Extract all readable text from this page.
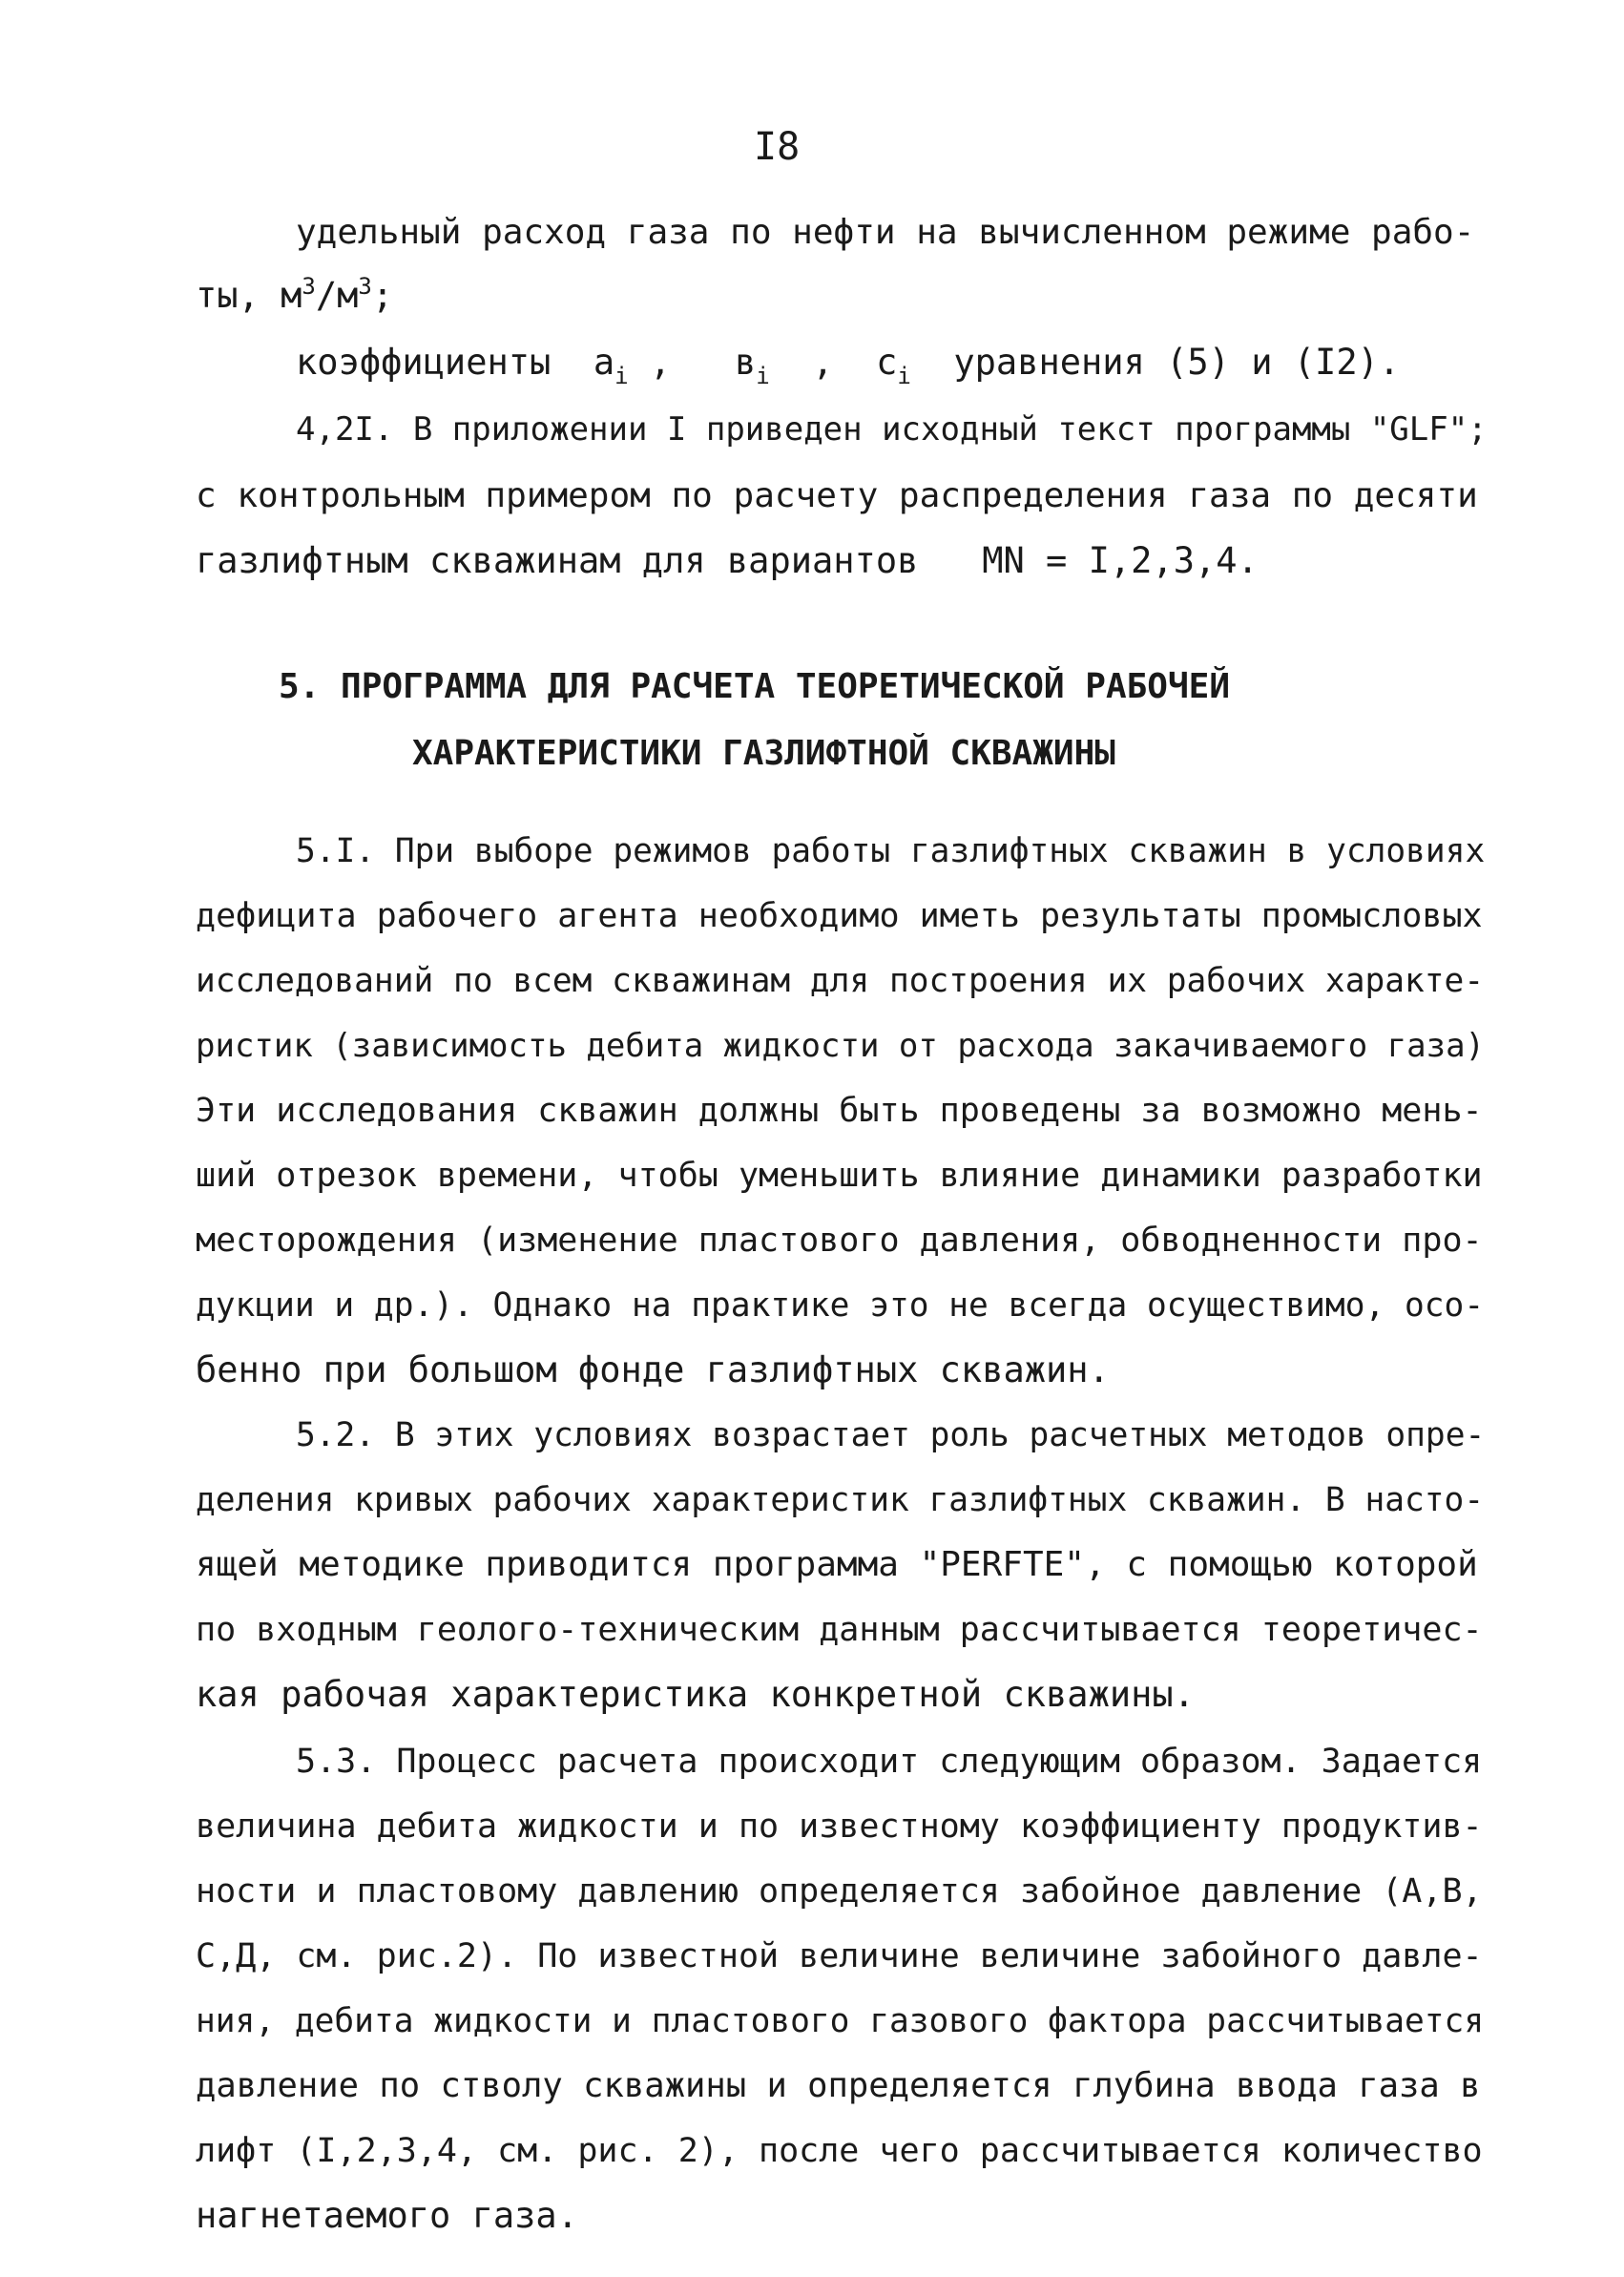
I8
удельный расход газа по нефти на вычисленном режиме рабо-
ты, $м^3/м^3$;
коэффициенты  $a_i$ ,   $в_i$  ,  $c_i$  уравнения (5) и (I2).
4,2I. В приложении I приведен исходный текст программы "GLF";
с контрольным примером по расчету распределения газа по десяти
газлифтным скважинам для вариантов   MN = I,2,3,4.
5. ПРОГРАММА ДЛЯ РАСЧЕТА ТЕОРЕТИЧЕСКОЙ РАБОЧЕЙ
ХАРАКТЕРИСТИКИ ГАЗЛИФТНОЙ СКВАЖИНЫ
5.I. При выборе режимов работы газлифтных скважин в условиях
дефицита рабочего агента необходимо иметь результаты промысловых
исследований по всем скважинам для построения их рабочих характе-
ристик (зависимость дебита жидкости от расхода закачиваемого газа)
Эти исследования скважин должны быть проведены за возможно мень-
ший отрезок времени, чтобы уменьшить влияние динамики разработки
месторождения (изменение пластового давления, обводненности про-
дукции и др.). Однако на практике это не всегда осуществимо, осо-
бенно при большом фонде газлифтных скважин.
5.2. В этих условиях возрастает роль расчетных методов опре-
деления кривых рабочих характеристик газлифтных скважин. В насто-
ящей методике приводится программа "PERFTE", с помощью которой
по входным геолого-техническим данным рассчитывается теоретичес-
кая рабочая характеристика конкретной скважины.
5.3. Процесс расчета происходит следующим образом. Задается
величина дебита жидкости и по известному коэффициенту продуктив-
ности и пластовому давлению определяется забойное давление (А,В,
С,Д, см. рис.2). По известной величине величине забойного давле-
ния, дебита жидкости и пластового газового фактора рассчитывается
давление по стволу скважины и определяется глубина ввода газа в
лифт (I,2,3,4, см. рис. 2), после чего рассчитывается количество
нагнетаемого газа.
